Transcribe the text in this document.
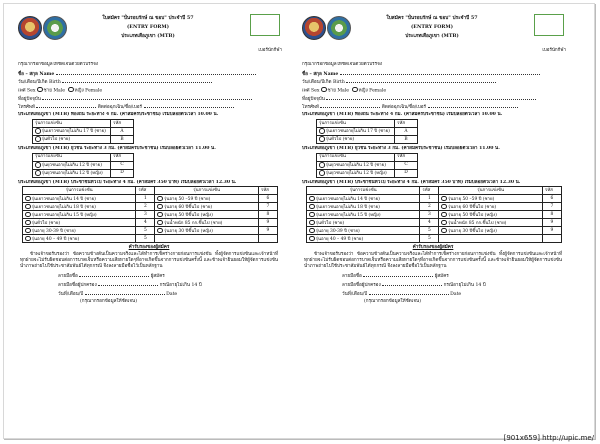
เบอร์นักกีฬา
ใบสมัคร "ปั่นรอบรักษ์ ณ ขอบ" ประจำปี 57
(ENTRY FORM)
ประเภทเสือภูเขา (MTB)
กรุณากรอกข้อมูลให้ชัดเจนด้วยตัวบรรจง
ชื่อ – สกุล Name
วัน/เดือน/ปีเกิด Birth
เพศ Sex ชาย Male หญิง Female
ที่อยู่ปัจจุบัน
โทรศัพท์	ติดต่อฉุกเฉิน/ชื่อ/เบอร์
ประเภทเสือภูเขา (MTB) ท้องถิ่น ระยะทาง 4 กม. (ค่าสมัครประชาชน) เริ่มปล่อยตัวเวลา 10.00 น.
รุ่นการแข่งขัน	รหัส
รุ่นเยาวชนอายุไม่เกิน 17 ปี (ชาย)	A
รุ่นทั่วไป (ชาย)	B
ประเภทเสือภูเขา (MTB) ยุวชน ระยะทาง 3 กม. (ค่าสมัครประชาชน) เริ่มปล่อยตัวเวลา 11.00 น.
รุ่นการแข่งขัน	รหัส
รุ่นยุวชนอายุไม่เกิน 12 ปี (ชาย)	C
รุ่นยุวชนอายุไม่เกิน 12 ปี (หญิง)	D
ประเภทเสือภูเขา (MTB) ประชาชนทั่วไป ระยะทาง 4 กม. (ค่าสมัคร 350 บาท) เริ่มปล่อยตัวเวลา 12.30 น.
รุ่นการแข่งขัน	รหัส	รุ่นการแข่งขัน	รหัส
รุ่นเยาวชนอายุไม่เกิน 14 ปี (ชาย)	1	รุ่นอายุ 50 –59 ปี (ชาย)	6
รุ่นเยาวชนอายุไม่เกิน 18 ปี (ชาย)	2	รุ่นอายุ 60 ปีขึ้นไป (ชาย)	7
รุ่นเยาวชนอายุไม่เกิน 15 ปี (หญิง)	3	รุ่นอายุ 50 ปีขึ้นไป (หญิง)	8
รุ่นทั่วไป (ชาย)	4	รุ่นน้ำหนัก 85 กก.ขึ้นไป (ชาย)	9
รุ่นอายุ 30-39 ปี (ชาย)	5	รุ่นอายุ 30 ปีขึ้นไป (หญิง)	9
รุ่นอายุ 40 – 49 ปี (ชาย)	5		
คำรับรองของผู้สมัคร
ข้าพเจ้าขอรับรองว่า ข้อความข้างต้นเป็นความจริงและได้ทำการเช็คร่างกายก่อนการแข่งขัน ทั้งผู้จัดการแข่งขันและเจ้าหน้าที่ทุกฝ่ายจะไม่รับผิดชอบต่อการบาดเจ็บหรือความเสียหายใดๆที่อาจเกิดขึ้นจากการแข่งขันครั้งนี้ และข้าพเจ้ายินยอมให้ผู้จัดการแข่งขันนำภาพถ่ายไปใช้ประชาสัมพันธ์ได้ทุกกรณี จึงลงลายมือชื่อไว้เป็นหลักฐาน
ลายมือชื่อ	ผู้สมัคร
ลายมือชื่อผู้ปกครอง	กรณีอายุไม่เกิน 14 ปี
วันที่/เดือน/ปี	Date
(กรุณากรอกข้อมูลให้ชัดเจน)
เบอร์นักกีฬา
ใบสมัคร "ปั่นรอบรักษ์ ณ ขอบ" ประจำปี 57
(ENTRY FORM)
ประเภทเสือภูเขา (MTB)
กรุณากรอกข้อมูลให้ชัดเจนด้วยตัวบรรจง
ชื่อ – สกุล Name
วัน/เดือน/ปีเกิด Birth
เพศ Sex ชาย Male หญิง Female
ที่อยู่ปัจจุบัน
โทรศัพท์	ติดต่อฉุกเฉิน/ชื่อ/เบอร์
ประเภทเสือภูเขา (MTB) ท้องถิ่น ระยะทาง 4 กม. (ค่าสมัครประชาชน) เริ่มปล่อยตัวเวลา 10.00 น.
รุ่นการแข่งขัน	รหัส
รุ่นเยาวชนอายุไม่เกิน 17 ปี (ชาย)	A
รุ่นทั่วไป (ชาย)	B
ประเภทเสือภูเขา (MTB) ยุวชน ระยะทาง 3 กม. (ค่าสมัครประชาชน) เริ่มปล่อยตัวเวลา 11.00 น.
รุ่นการแข่งขัน	รหัส
รุ่นยุวชนอายุไม่เกิน 12 ปี (ชาย)	C
รุ่นยุวชนอายุไม่เกิน 12 ปี (หญิง)	D
ประเภทเสือภูเขา (MTB) ประชาชนทั่วไป ระยะทาง 4 กม. (ค่าสมัคร 350 บาท) เริ่มปล่อยตัวเวลา 12.30 น.
รุ่นการแข่งขัน	รหัส	รุ่นการแข่งขัน	รหัส
รุ่นเยาวชนอายุไม่เกิน 14 ปี (ชาย)	1	รุ่นอายุ 50 –59 ปี (ชาย)	6
รุ่นเยาวชนอายุไม่เกิน 18 ปี (ชาย)	2	รุ่นอายุ 60 ปีขึ้นไป (ชาย)	7
รุ่นเยาวชนอายุไม่เกิน 15 ปี (หญิง)	3	รุ่นอายุ 50 ปีขึ้นไป (หญิง)	8
รุ่นทั่วไป (ชาย)	4	รุ่นน้ำหนัก 85 กก.ขึ้นไป (ชาย)	9
รุ่นอายุ 30-39 ปี (ชาย)	5	รุ่นอายุ 30 ปีขึ้นไป (หญิง)	9
รุ่นอายุ 40 – 49 ปี (ชาย)	5		
คำรับรองของผู้สมัคร
ข้าพเจ้าขอรับรองว่า ข้อความข้างต้นเป็นความจริงและได้ทำการเช็คร่างกายก่อนการแข่งขัน ทั้งผู้จัดการแข่งขันและเจ้าหน้าที่ทุกฝ่ายจะไม่รับผิดชอบต่อการบาดเจ็บหรือความเสียหายใดๆที่อาจเกิดขึ้นจากการแข่งขันครั้งนี้ และข้าพเจ้ายินยอมให้ผู้จัดการแข่งขันนำภาพถ่ายไปใช้ประชาสัมพันธ์ได้ทุกกรณี จึงลงลายมือชื่อไว้เป็นหลักฐาน
ลายมือชื่อ	ผู้สมัคร
ลายมือชื่อผู้ปกครอง	กรณีอายุไม่เกิน 14 ปี
วันที่/เดือน/ปี	Date
(กรุณากรอกข้อมูลให้ชัดเจน)
[901x659] http://upic.me/
